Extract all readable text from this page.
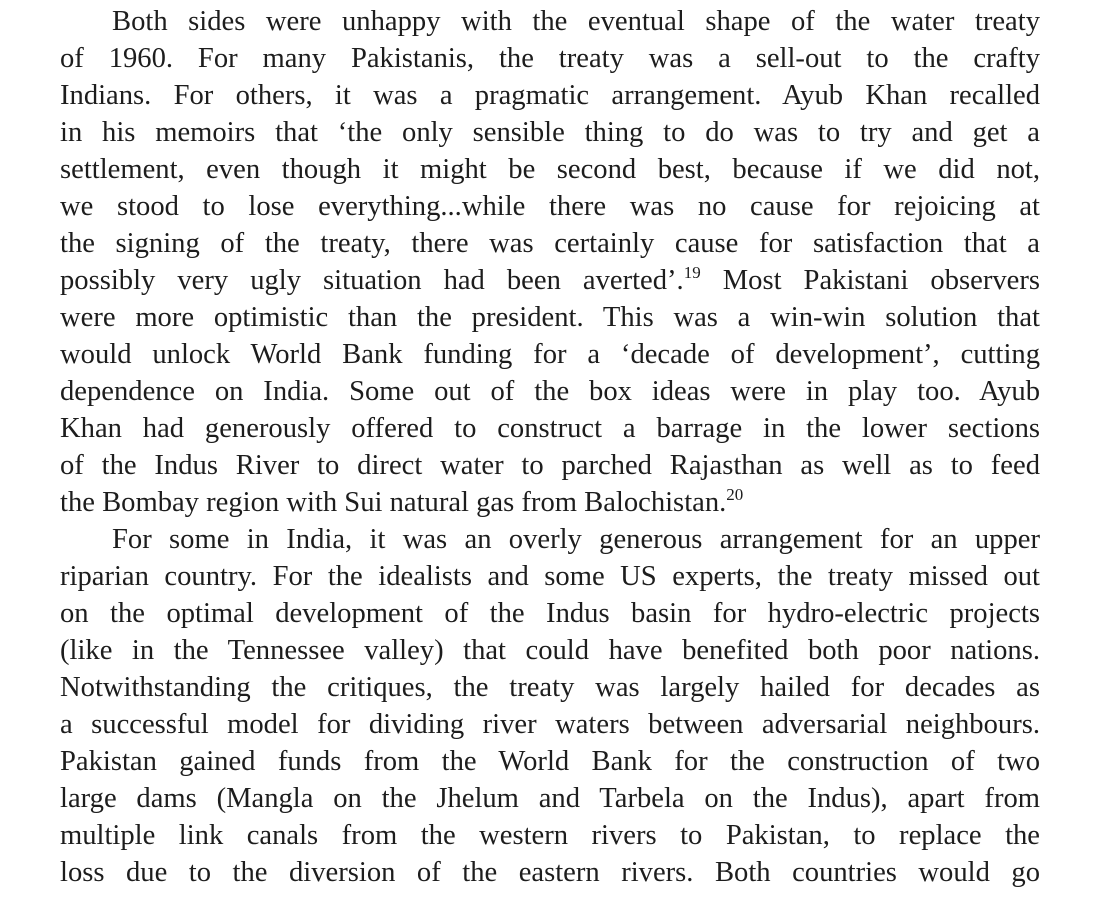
Both sides were unhappy with the eventual shape of the water treaty
of 1960. For many Pakistanis, the treaty was a sell-out to the crafty
Indians. For others, it was a pragmatic arrangement. Ayub Khan recalled
in his memoirs that ‘the only sensible thing to do was to try and get a
settlement, even though it might be second best, because if we did not,
we stood to lose everything...while there was no cause for rejoicing at
the signing of the treaty, there was certainly cause for satisfaction that a
possibly very ugly situation had been averted’.$^{19}$ Most Pakistani observers
were more optimistic than the president. This was a win-win solution that
would unlock World Bank funding for a ‘decade of development’, cutting
dependence on India. Some out of the box ideas were in play too. Ayub
Khan had generously offered to construct a barrage in the lower sections
of the Indus River to direct water to parched Rajasthan as well as to feed
the Bombay region with Sui natural gas from Balochistan.$^{20}$
For some in India, it was an overly generous arrangement for an upper
riparian country. For the idealists and some US experts, the treaty missed out
on the optimal development of the Indus basin for hydro-electric projects
(like in the Tennessee valley) that could have benefited both poor nations.
Notwithstanding the critiques, the treaty was largely hailed for decades as
a successful model for dividing river waters between adversarial neighbours.
Pakistan gained funds from the World Bank for the construction of two
large dams (Mangla on the Jhelum and Tarbela on the Indus), apart from
multiple link canals from the western rivers to Pakistan, to replace the
loss due to the diversion of the eastern rivers. Both countries would go
